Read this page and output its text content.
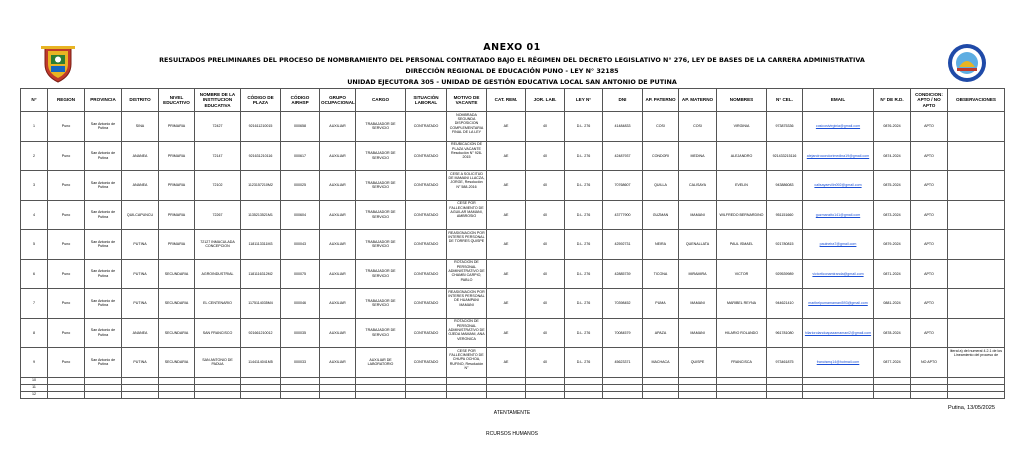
ANEXO 01
RESULTADOS PRELIMINARES DEL PROCESO DE NOMBRAMIENTO DEL PERSONAL CONTRATADO BAJO EL RÉGIMEN DEL DECRETO LEGISLATIVO N° 276, LEY DE BASES DE LA CARRERA ADMINISTRATIVA
DIRECCIÓN REGIONAL DE EDUCACIÓN PUNO - LEY N° 32185
UNIDAD EJECUTORA 305 - UNIDAD DE GESTIÓN EDUCATIVA LOCAL SAN ANTONIO DE PUTINA
N°	REGION	PROVINCIA	DISTRITO	NIVEL EDUCATIVO	NOMBRE DE LA INSTITUCION EDUCATIVA	CÓDIGO DE PLAZA	CÓDIGO AIRHSP	GRUPO OCUPACIONAL	CARGO	SITUACIÓN LABORAL	MOTIVO DE VACANTE	CAT. REM.	JOR. LAB.	LEY N°	DNI	AP. PATERNO	AP. MATERNO	NOMBRES	N° CEL.	EMAIL	N° DE R.D.	CONDICION: APTO / NO APTO	OBSERVACIONES
1	Puno	San Antonio de Putina	SINA	PRIMARIA	72427	921611210015	000658	AUXILIAR	TRABAJADOR DE SERVICIO	CONTRATADO	NOMBRADA SEGUNDA DISPOSICION COMPLEMENTARIA FINAL DE LA LEY	AE	40	D.L. 276	41484833	COSI	COSI	VIRGINIA	973875336	cosicosivirginia@gmail.com	0876-2024	APTO	

2	Puno	San Antonio de Putina	ANANEA	PRIMARIA	72147	921631210116	000617	AUXILIAR	TRABAJADOR DE SERVICIO	CONTRATADO	REUBICACION DE PLAZA VACANTE Resolución N° 928-2015	AE	40	D.L. 276	42487937	CONDORI	MEDINA	ALEJANDRO	921433215116	alejandrocondorimedina19@gmail.com	0874-2024	APTO	

3	Puno	San Antonio de Putina	ANANEA	PRIMARIA	72102	1123157210M2	000025	AUXILIAR	TRABAJADOR DE SERVICIO	CONTRATADO	CESE A SOLICITUD DE MAMANI LLACZA, JORGE, Resolución N° 588-2016	AE	40	D.L. 276	70768607	QUILLA	CALISAYA	EVELIN	943886083	calisayaevilin092@gmail.com	0875-2024	APTO	

4	Puno	San Antonio de Putina	QUILCAPUNCU	PRIMARIA	72267	1135213521M1	000604	AUXILIAR	TRABAJADOR DE SERVICIO	CONTRATADO	CESE POR FALLECIMIENTO DE AGUILAR MAMANI, AMBROSIO	AE	40	D.L. 276	43777900	GUZMAN	MAMANI	WILFREDO BERNARDINO	951151660	guzmanzito141@gmail.com	0873-2024	APTO	

5	Puno	San Antonio de Putina	PUTINA	PRIMARIA	72127 INMACULADA CONCEPCION	1181113311M3	000043	AUXILIAR	TRABAJADOR DE SERVICIO	CONTRATADO	REASIGNACION POR INTERES PERSONAL DE TORRES QUISPE	AE	40	D.L. 276	42592731	NEIRA	QUENALLATA	PAUL ISMAEL	921780815	paulneira7@gmail.com	0879-2024	APTO	

6	Puno	San Antonio de Putina	PUTINA	SECUNDARIA	AGROINDUSTRIAL	1181116312M2	000075	AUXILIAR	TRABAJADOR DE SERVICIO	CONTRATADO	ROTACION DE PERSONAL ADMINISTRATIVO DE CHAMBI CARPIO, PABLO	AE	40	D.L. 276	42885739	TICONA	MIRAMIRA	VICTOR	929539989	victorticonamiranda@gmail.com	0871-2024	APTO	

7	Puno	San Antonio de Putina	PUTINA	SECUNDARIA	EL CENTENARIO	1175114035M4	000046	AUXILIAR	TRABAJADOR DE SERVICIO	CONTRATADO	REASIGNACION POR INTERES PERSONAL DE HUAMPANI MAMANI	AE	40	D.L. 276	70398452	PUMA	MAMANI	MARIBEL REYNA	944621410	maribelpumamamani593@gmail.com	0881-2024	APTO	

8	Puno	San Antonio de Putina	ANANEA	SECUNDARIA	SAN FRANCISCO	921661210012	000035	AUXILIAR	TRABAJADOR DE SERVICIO	CONTRATADO	ROTACION DE PERSONAL ADMINISTRATIVO DE OJEDA MAMANI, ANA VERONICA	AE	40	D.L. 276	70084579	APAZA	MAMANI	HILARIO ROLANDO	961781080	hilariorolandoapazamamani2@gmail.com	0878-2024	APTO	

9	Puno	San Antonio de Putina	PUTINA	SECUNDARIA	SAN ANTONIO DE PADUA	1144114041M5	000033	AUXILIAR	AUXILIAR DE LABORATORIO	CONTRATADO	CESE POR FALLECIMIENTO DE CHUPA OCHOA, RUFINO, Resolución N°	AE	40	D.L. 276	45623371	MACHACA	QUISPE	FRANCISCA	973461875	francismq14@hotmail.com	0877-2024	NO APTO	literal a) del numeral 4.2.1 de los Lineamiento del proceso de

10																							
11																							
12																							
Putina, 13/05/2025
ATENTAMENTE
RCURSOS HUMANOS
